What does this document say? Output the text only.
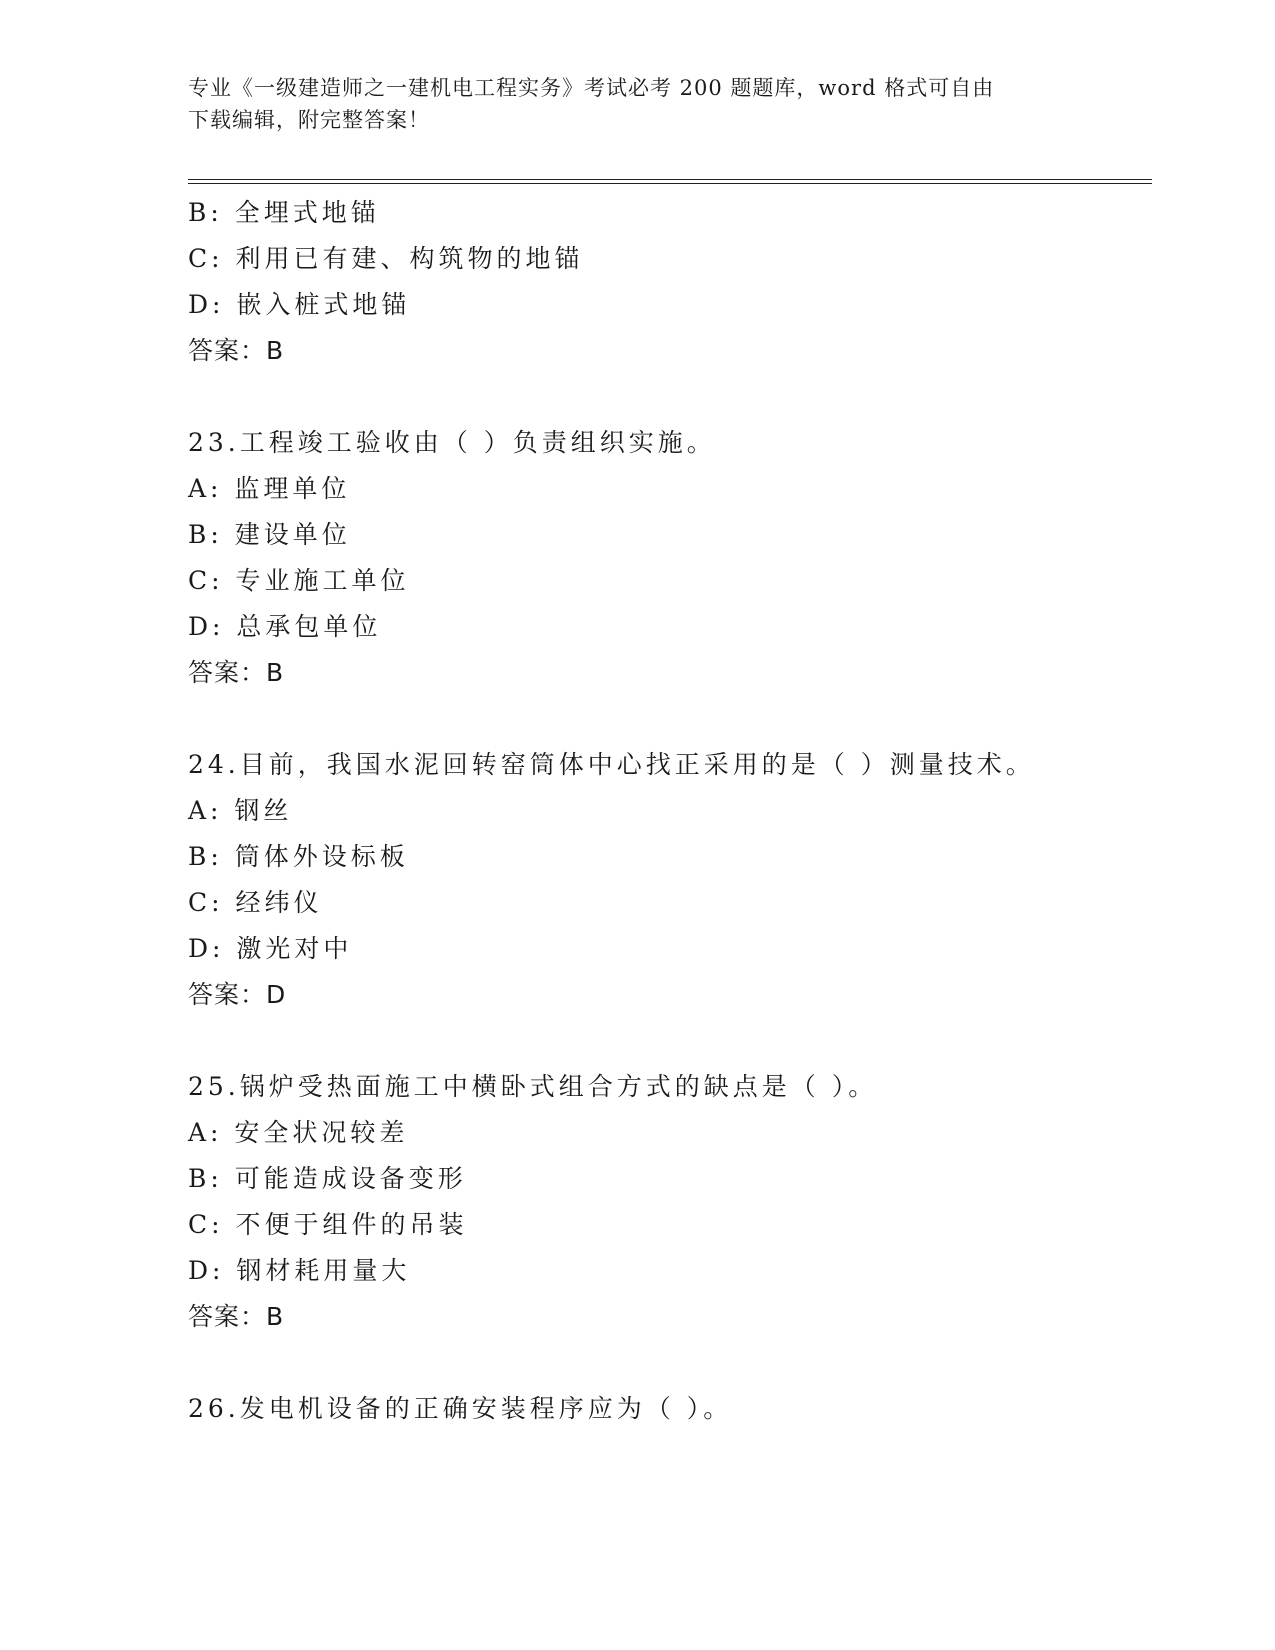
专业《一级建造师之一建机电工程实务》考试必考 200 题题库，word 格式可自由
下载编辑，附完整答案！
B: 全埋式地锚
C: 利用已有建、构筑物的地锚
D: 嵌入桩式地锚
答案：B
23.工程竣工验收由（ ）负责组织实施。
A: 监理单位
B: 建设单位
C: 专业施工单位
D: 总承包单位
答案：B
24.目前，我国水泥回转窑筒体中心找正采用的是（ ）测量技术。
A: 钢丝
B: 筒体外设标板
C: 经纬仪
D: 激光对中
答案：D
25.锅炉受热面施工中横卧式组合方式的缺点是（ ）。
A: 安全状况较差
B: 可能造成设备变形
C: 不便于组件的吊装
D: 钢材耗用量大
答案：B
26.发电机设备的正确安装程序应为（ ）。
